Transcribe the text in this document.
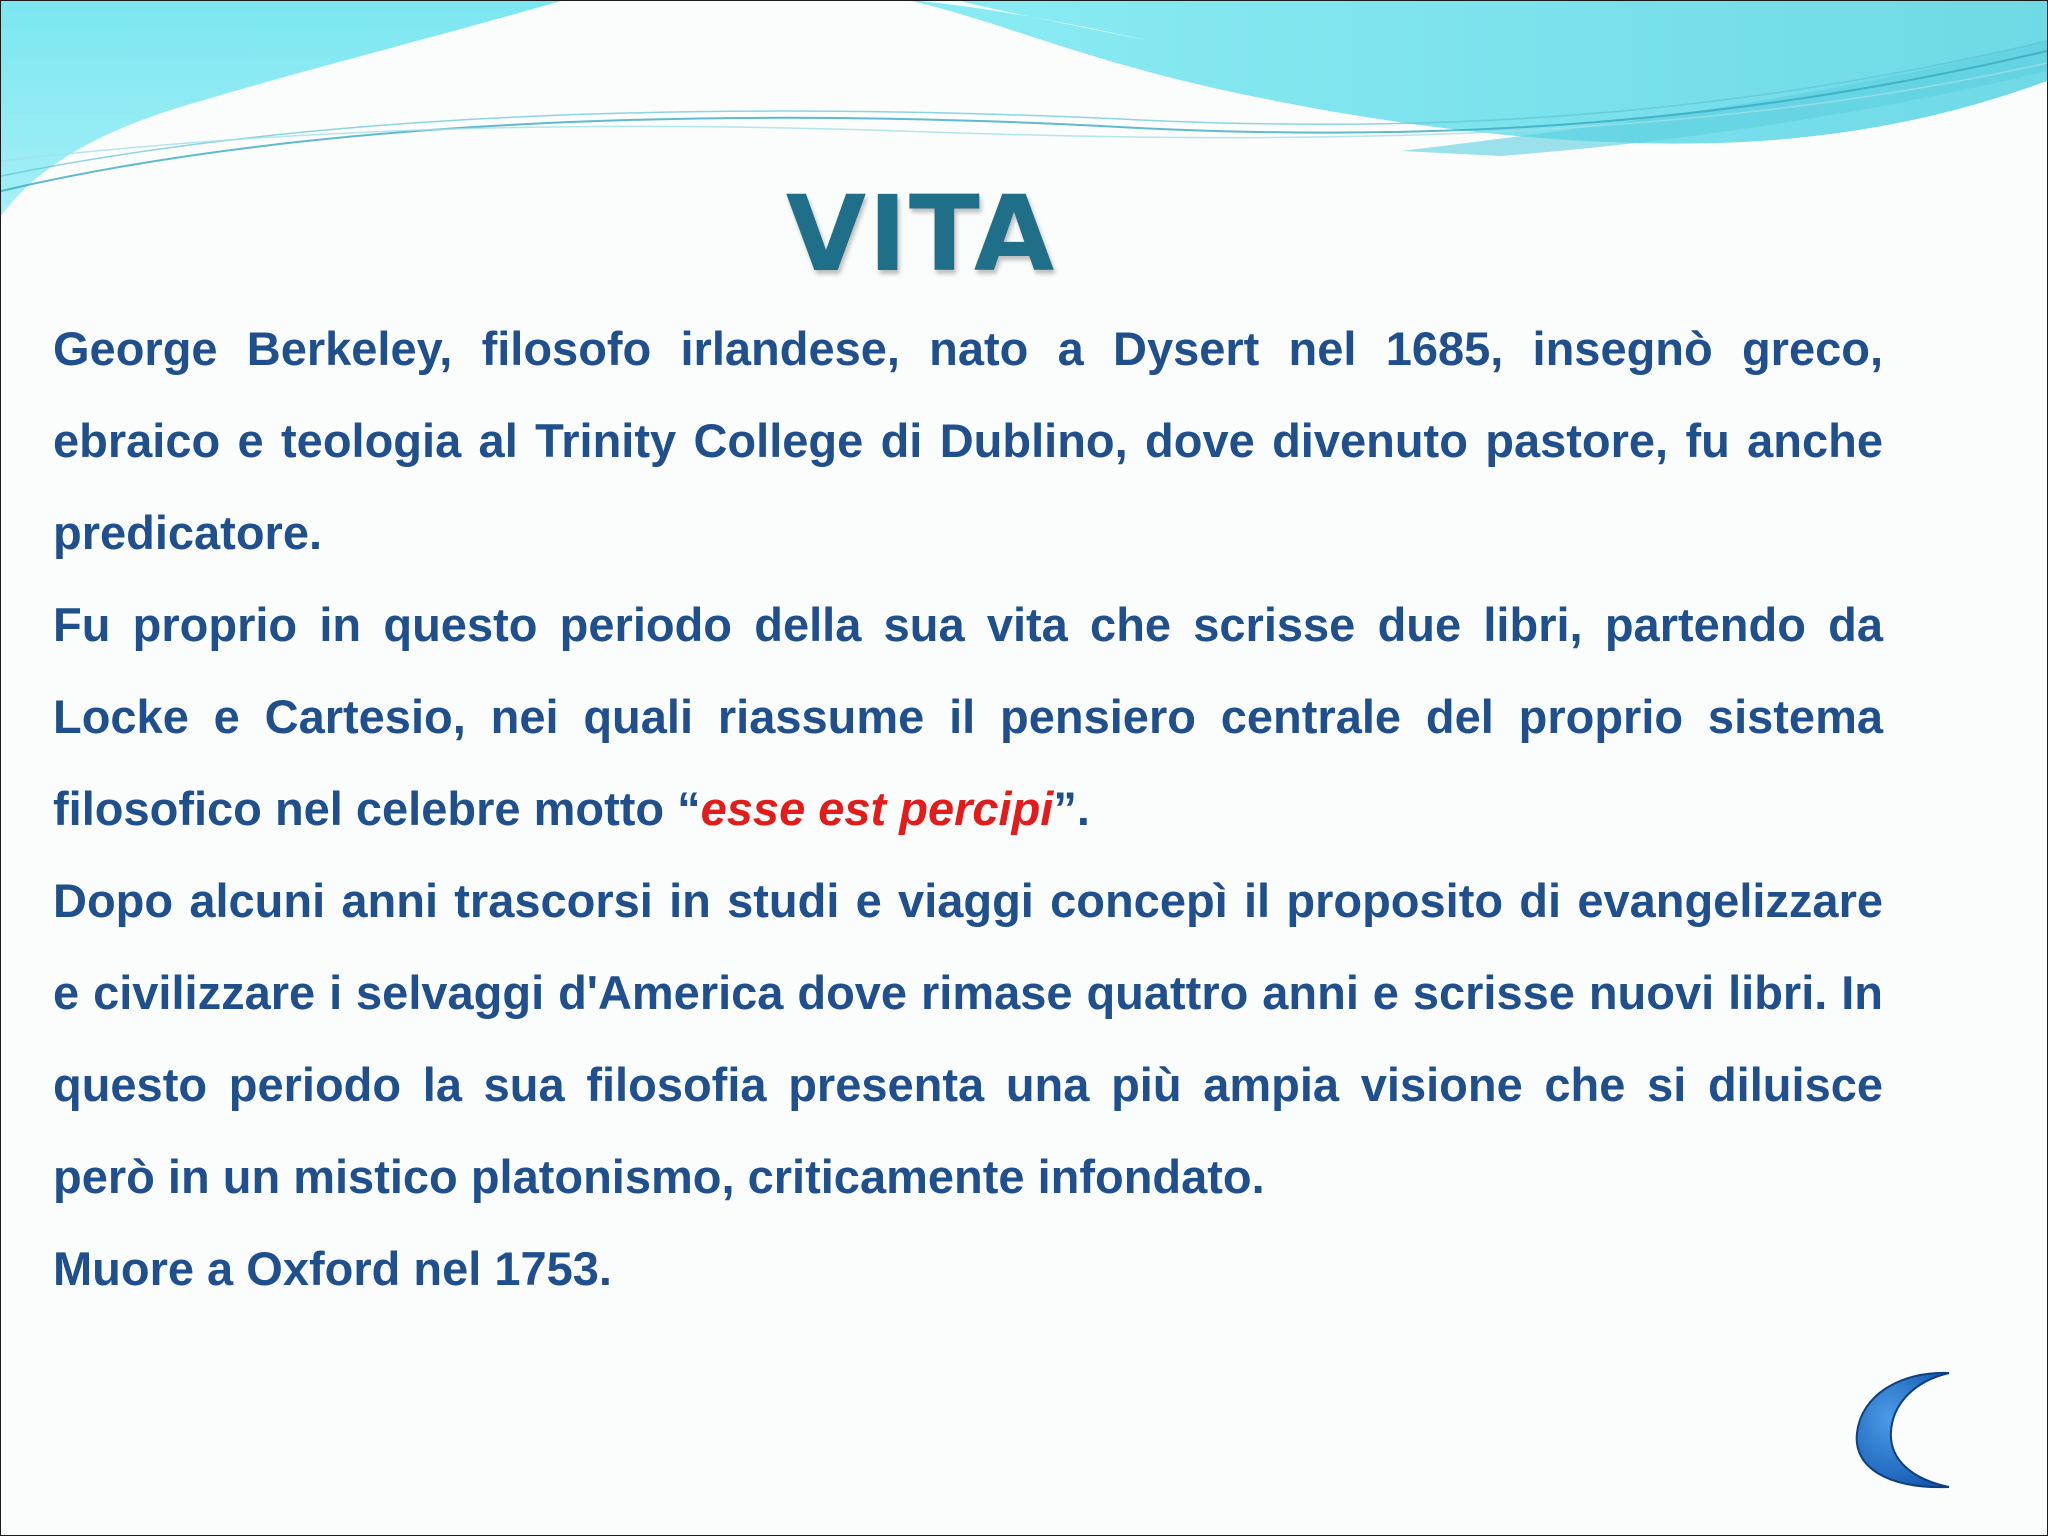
VITA

George Berkeley, filosofo irlandese, nato a Dysert nel 1685, insegnò greco, ebraico e teologia al Trinity College di Dublino, dove divenuto pastore, fu anche predicatore.

Fu proprio in questo periodo della sua vita che scrisse due libri, partendo da Locke e Cartesio, nei quali riassume il pensiero centrale del proprio sistema filosofico nel celebre motto “esse est percipi”.

Dopo alcuni anni trascorsi in studi e viaggi concepì il proposito di evangelizzare e civilizzare i selvaggi d'America dove rimase quattro anni e scrisse nuovi libri. In questo periodo la sua filosofia presenta una più ampia visione che si diluisce però in un mistico platonismo, criticamente infondato.

Muore a Oxford nel 1753.
